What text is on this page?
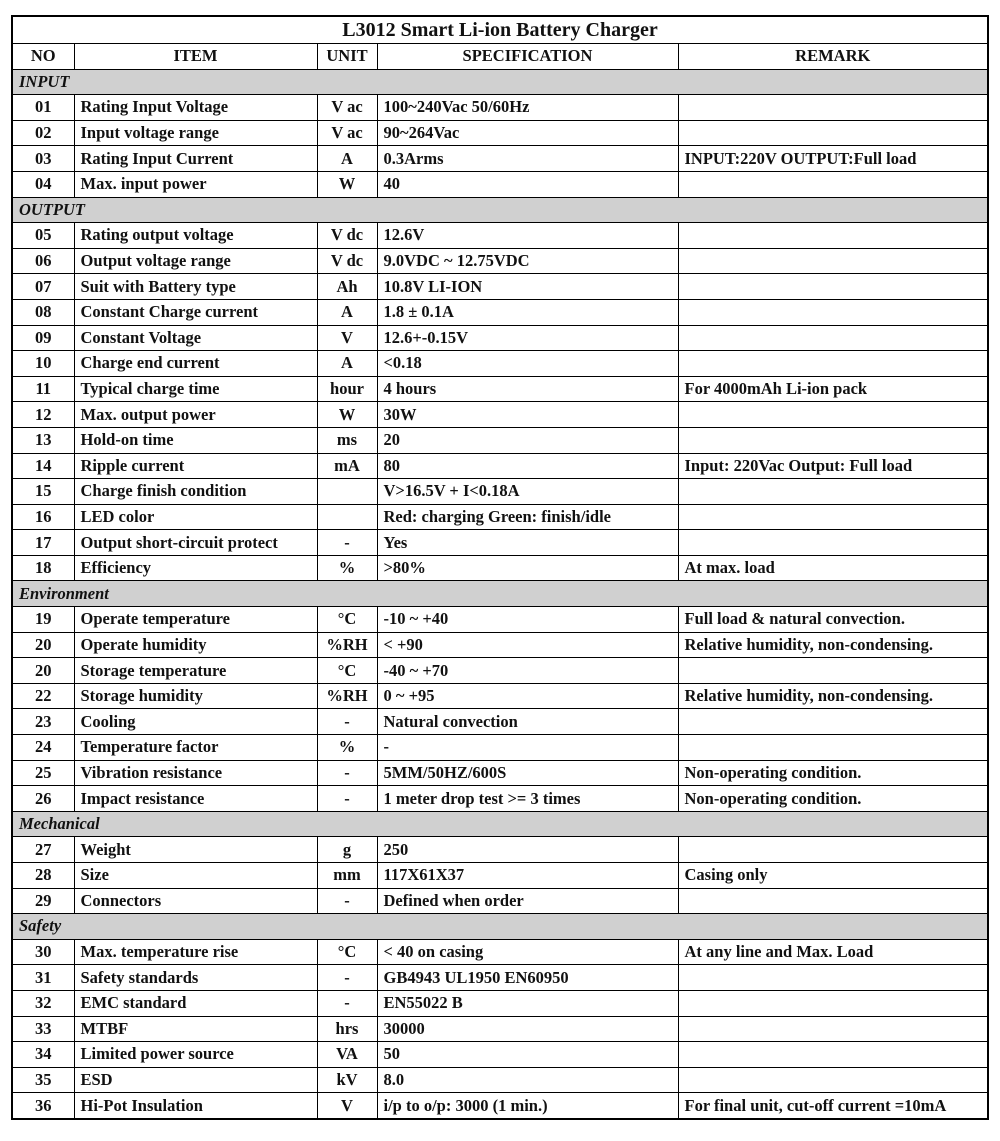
L3012 Smart Li-ion Battery Charger				
NO	ITEM	UNIT	SPECIFICATION	REMARK
INPUT				
01	Rating Input Voltage	V ac	100~240Vac 50/60Hz	
02	Input voltage range	V ac	90~264Vac	
03	Rating Input Current	A	0.3Arms	INPUT:220V OUTPUT:Full load
04	Max. input power	W	40	
OUTPUT				
05	Rating output voltage	V dc	12.6V	
06	Output voltage range	V dc	9.0VDC ~ 12.75VDC	
07	Suit with Battery type	Ah	10.8V LI-ION	
08	Constant Charge current	A	1.8 ± 0.1A	
09	Constant Voltage	V	12.6+-0.15V	
10	Charge end current	A	<0.18	
11	Typical charge time	hour	4 hours	For 4000mAh Li-ion pack
12	Max. output power	W	30W	
13	Hold-on time	ms	20	
14	Ripple current	mA	80	Input: 220Vac Output: Full load
15	Charge finish condition		V>16.5V + I<0.18A	
16	LED color		Red: charging Green: finish/idle	
17	Output short-circuit protect	-	Yes	
18	Efficiency	%	>80%	At max. load
Environment				
19	Operate temperature	°C	-10 ~ +40	Full load & natural convection.
20	Operate humidity	%RH	< +90	Relative humidity, non-condensing.
20	Storage temperature	°C	-40 ~ +70	
22	Storage humidity	%RH	0 ~ +95	Relative humidity, non-condensing.
23	Cooling	-	Natural convection	
24	Temperature factor	%	-	
25	Vibration resistance	-	5MM/50HZ/600S	Non-operating condition.
26	Impact resistance	-	1 meter drop test >= 3 times	Non-operating condition.
Mechanical				
27	Weight	g	250	
28	Size	mm	117X61X37	Casing only
29	Connectors	-	Defined when order	
Safety				
30	Max. temperature rise	°C	< 40 on casing	At any line and Max. Load
31	Safety standards	-	GB4943 UL1950 EN60950	
32	EMC standard	-	EN55022 B	
33	MTBF	hrs	30000	
34	Limited power source	VA	50	
35	ESD	kV	8.0	
36	Hi-Pot Insulation	V	i/p to o/p: 3000 (1 min.)	For final unit, cut-off current =10mA
